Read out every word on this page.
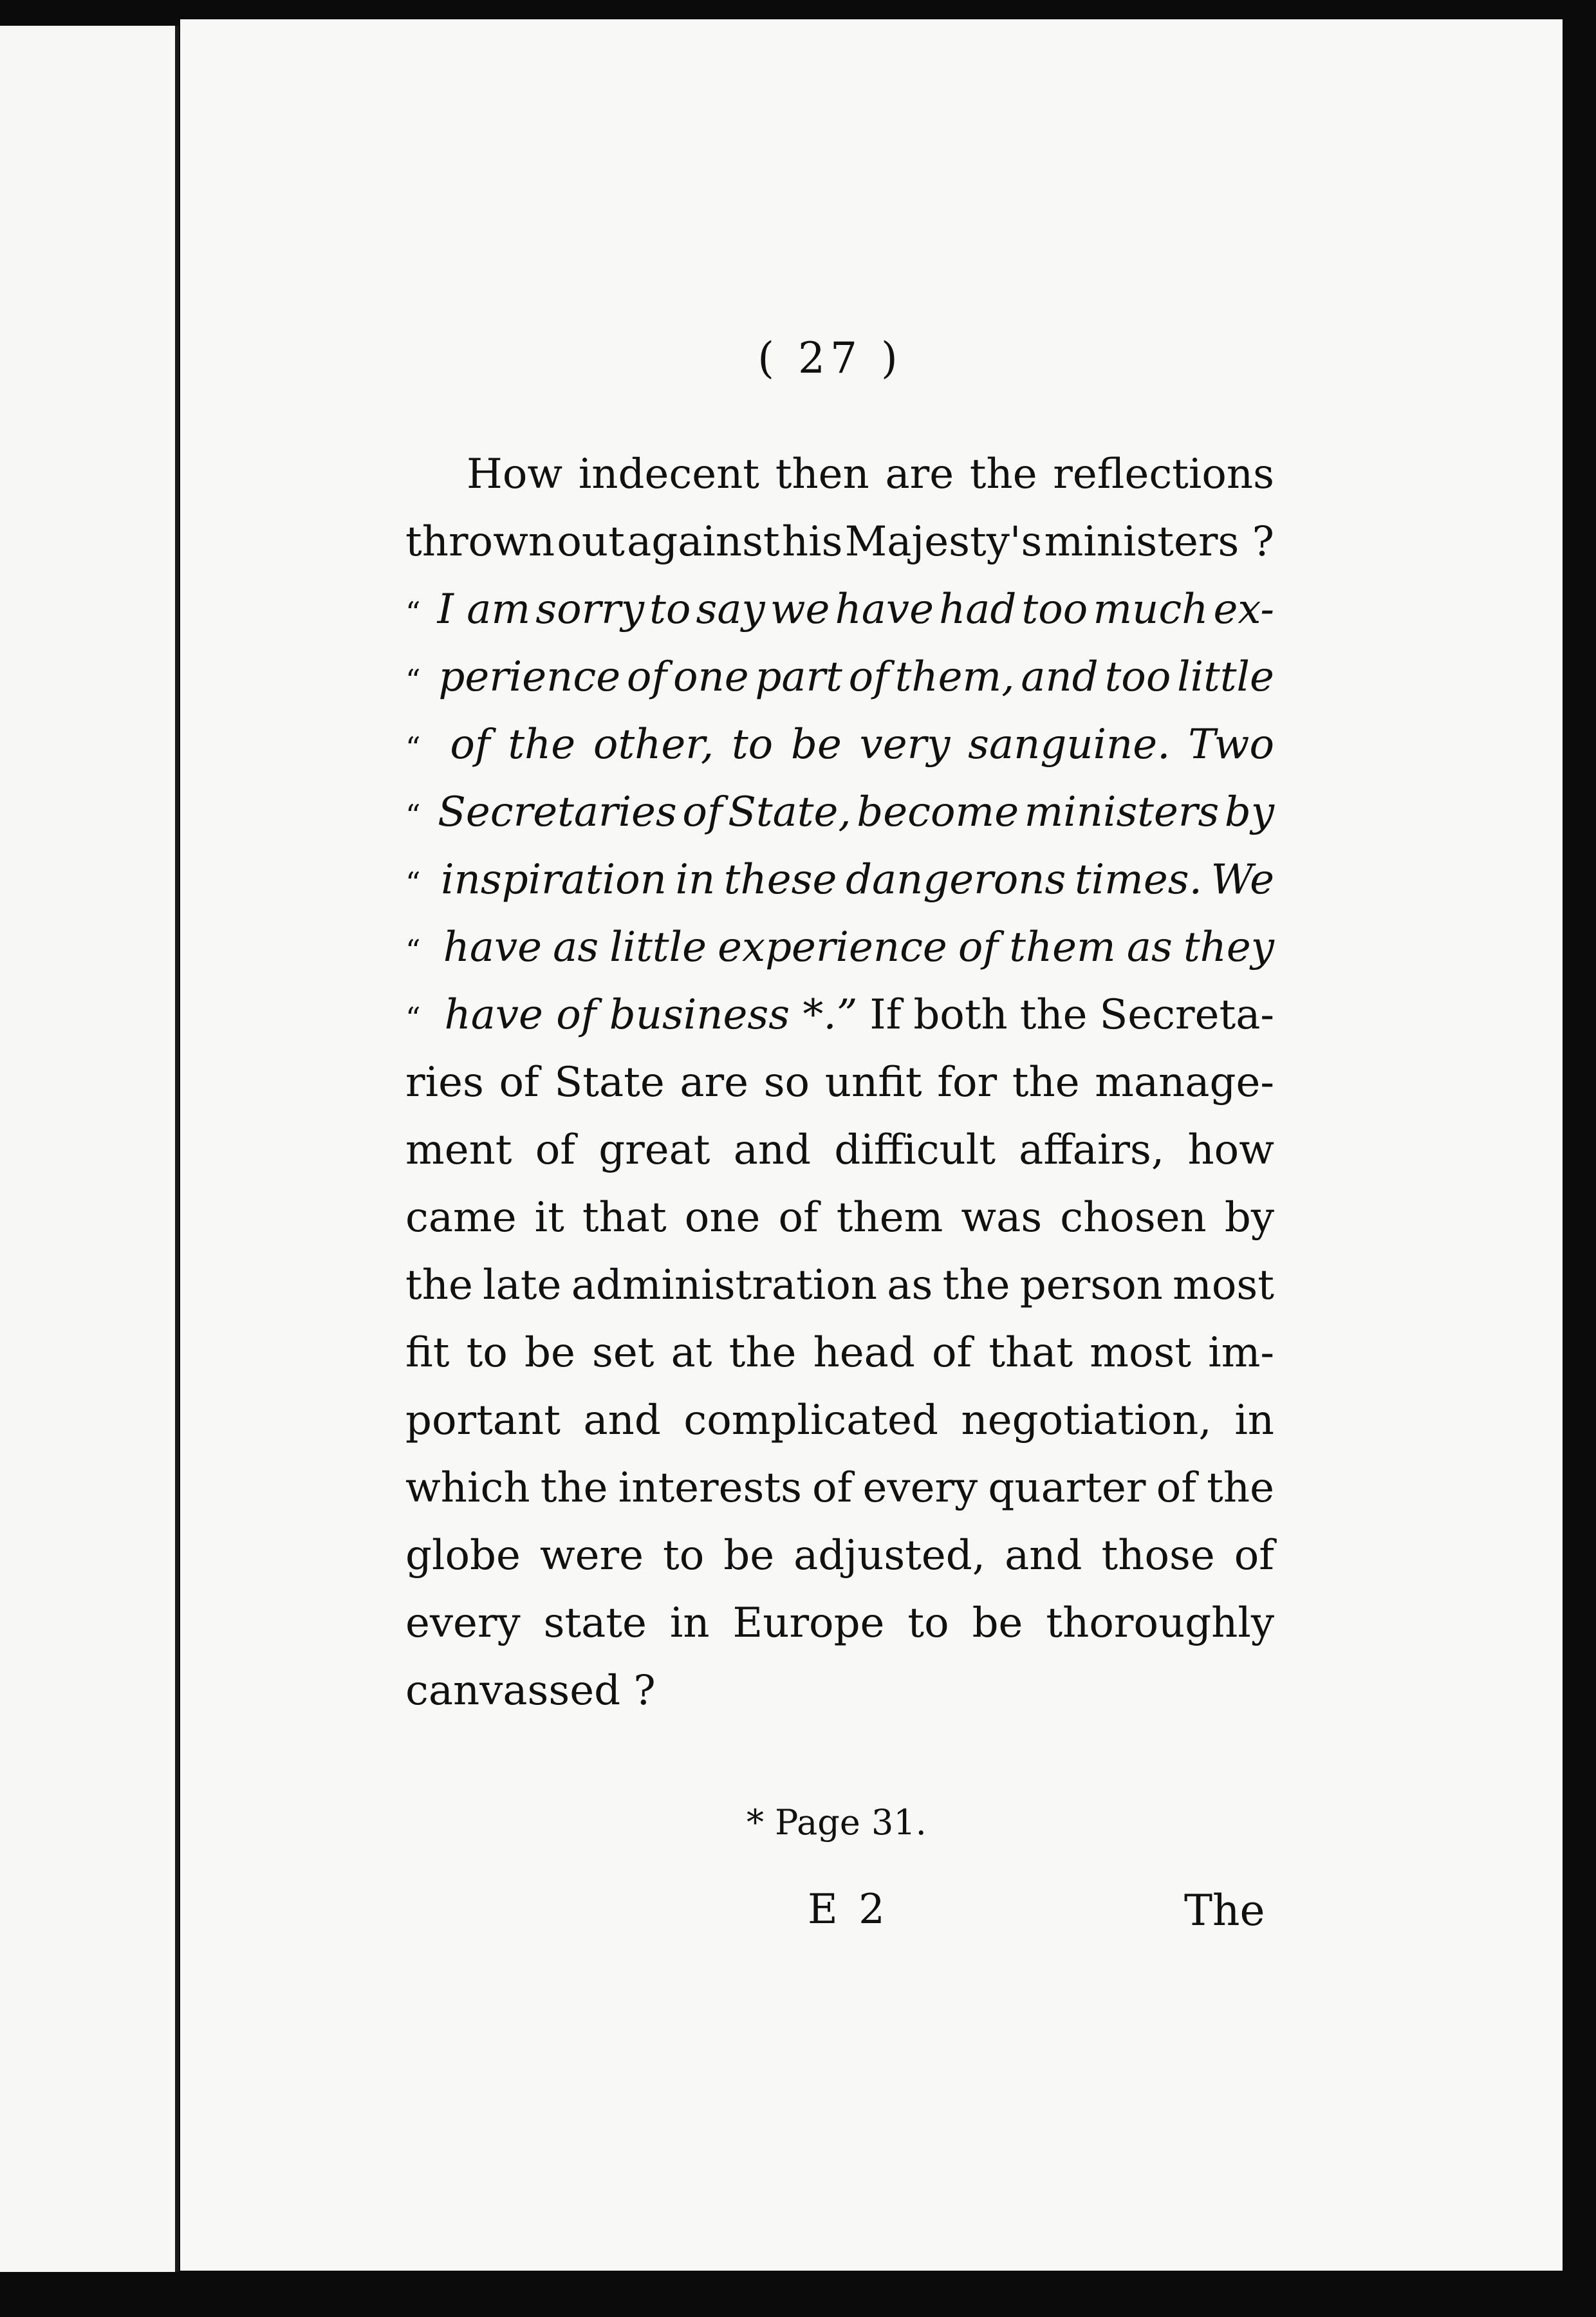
( 27 )
How indecent then are the reflections
thrown out against his Majesty's ministers ?
“ I am sorry to say we have had too much ex-
“ perience of one part of them, and too little
“ of the other, to be very sanguine. Two
“ Secretaries of State, become ministers by
“ inspiration in these dangerons times. We
“ have as little experience of them as they
“ have of business *.” If both the Secreta-
ries of State are so unfit for the manage-
ment of great and difficult affairs, how
came it that one of them was chosen by
the late administration as the person most
fit to be set at the head of that most im-
portant and complicated negotiation, in
which the interests of every quarter of the
globe were to be adjusted, and those of
every state in Europe to be thoroughly
canvassed ?
* Page 31.
E 2	The
